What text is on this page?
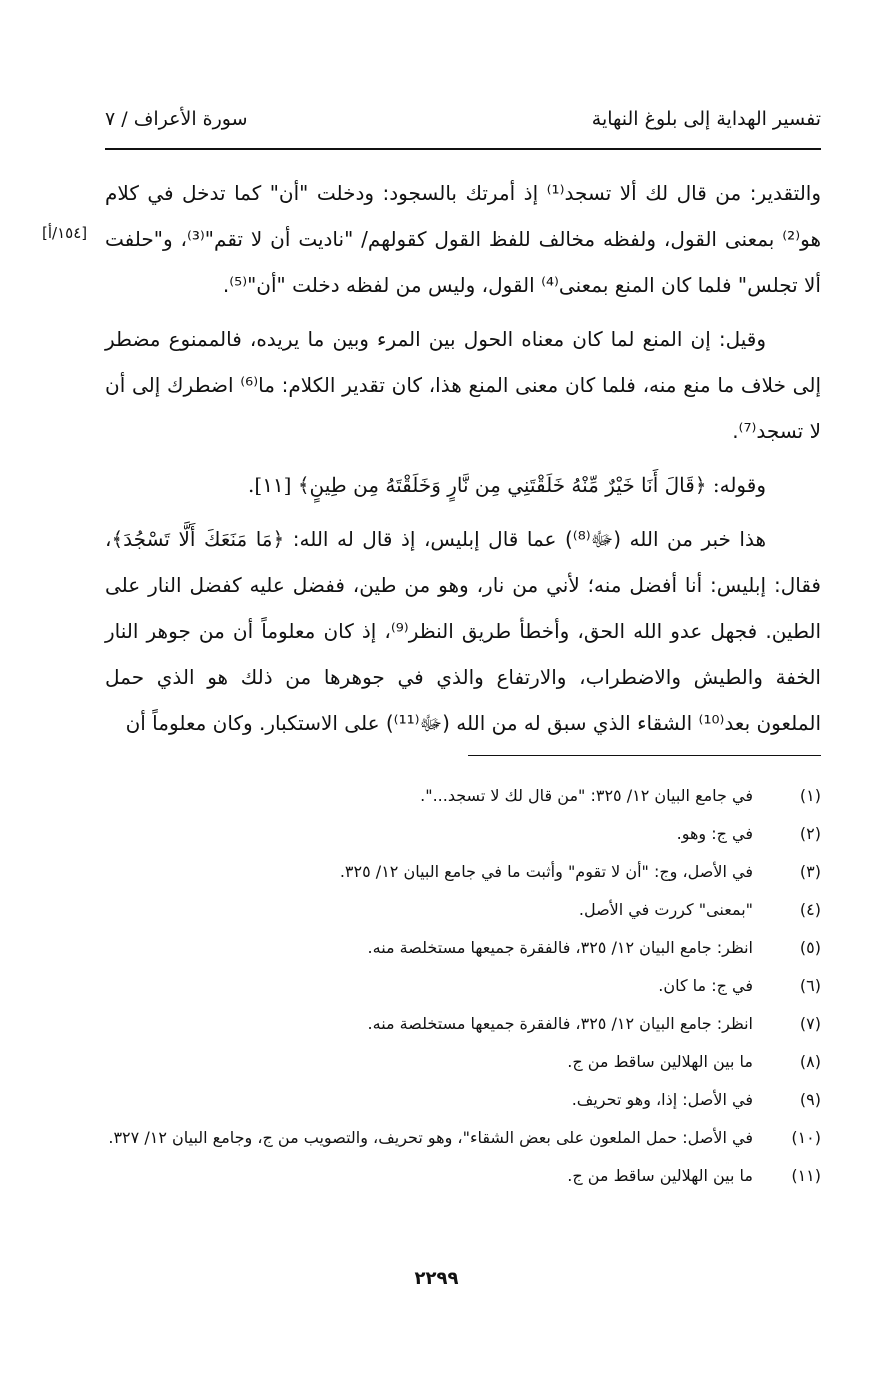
تفسير الهداية إلى بلوغ النهاية
سورة الأعراف / ٧
[١٥٤/أ]

والتقدير: من قال لك ألا تسجد⁽¹⁾ إذ أمرتك بالسجود: ودخلت "أن" كما تدخل في كلام هو⁽²⁾ بمعنى القول، ولفظه مخالف للفظ القول كقولهم/ "ناديت أن لا تقم"⁽³⁾، و"حلفت ألا تجلس" فلما كان المنع بمعنى⁽⁴⁾ القول، وليس من لفظه دخلت "أن"⁽⁵⁾.

وقيل: إن المنع لما كان معناه الحول بين المرء وبين ما يريده، فالممنوع مضطر إلى خلاف ما منع منه، فلما كان معنى المنع هذا، كان تقدير الكلام: ما⁽⁶⁾ اضطرك إلى أن لا تسجد⁽⁷⁾.

وقوله: ﴿قَالَ أَنَا خَيْرٌ مِّنْهُ خَلَقْتَنِي مِن نَّارٍ وَخَلَقْتَهُ مِن طِينٍ﴾ [١١].

هذا خبر من الله (ﷻ⁽⁸⁾) عما قال إبليس، إذ قال له الله: ﴿مَا مَنَعَكَ أَلَّا تَسْجُدَ﴾، فقال: إبليس: أنا أفضل منه؛ لأني من نار، وهو من طين، ففضل عليه كفضل النار على الطين. فجهل عدو الله الحق، وأخطأ طريق النظر⁽⁹⁾، إذ كان معلوماً أن من جوهر النار الخفة والطيش والاضطراب، والارتفاع والذي في جوهرها من ذلك هو الذي حمل الملعون بعد⁽¹⁰⁾ الشقاء الذي سبق له من الله (ﷻ⁽¹¹⁾) على الاستكبار. وكان معلوماً أن

(١)
في جامع البيان ١٢/ ٣٢٥: "من قال لك لا تسجد...".
(٢)
في ج: وهو.
(٣)
في الأصل، وج: "أن لا تقوم" وأثبت ما في جامع البيان ١٢/ ٣٢٥.
(٤)
"بمعنى" كررت في الأصل.
(٥)
انظر: جامع البيان ١٢/ ٣٢٥، فالفقرة جميعها مستخلصة منه.
(٦)
في ج: ما كان.
(٧)
انظر: جامع البيان ١٢/ ٣٢٥، فالفقرة جميعها مستخلصة منه.
(٨)
ما بين الهلالين ساقط من ج.
(٩)
في الأصل: إذا، وهو تحريف.
(١٠)
في الأصل: حمل الملعون على بعض الشقاء"، وهو تحريف، والتصويب من ج، وجامع البيان ١٢/ ٣٢٧.
(١١)
ما بين الهلالين ساقط من ج.
٢٢٩٩
